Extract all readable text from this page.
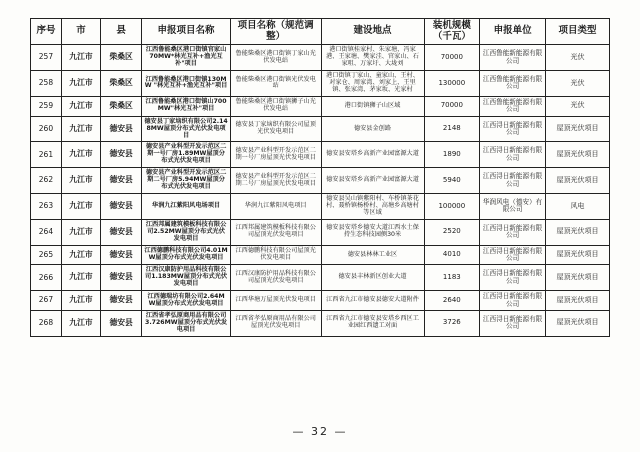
序号	市	县	申报项目名称	项目名称（规范调整）	建设地点	装机规模（千瓦）	申报单位	项目类型
257	九江市	柴桑区	江西鲁能桑区港口街镇官家山70MW*林光互补+渔光互补"项目	鲁能柴桑区港口街镇丁家山光伏发电站	港口街镇桂家村、朱家塘、冯家港、王家塘、樊家洼、官家山、石家咀、万家圩、大垅刘	70000	江西鲁能新能源有限公司	光伏
258	九江市	柴桑区	江西鲁能桑区港口街镇130MW "林光互补+渔光互补"项目	鲁能柴桑区港口街镇光伏发电站	港口街镇丁家山、童家山、王村、对家仓、周家湾、刘家上、王里镇、张家湾、茅家坂、光家村	130000	江西鲁能新能源有限公司	光伏
259	九江市	柴桑区	江西鲁能桑区港口街镇山700MW"林光互补"项目	鲁能柴桑区港口街镇狮子山光伏发电站	港口街镇狮子山区域	70000	江西鲁能新能源有限公司	光伏
260	九江市	德安县	德安县丁家垴织有限公司2.148MW屋顶分布式光伏发电项目	德安县丁家垴织有限公司屋顶光伏发电项目	德安县金创路	2148	江西浔日新能源有限公司	屋顶光伏项目
261	九江市	德安县	德安县产业科型开发示范区二期一号厂房1.89MW屋顶分布式光伏发电项目	德安县产业科型开发示范区二期一号厂房屋顶光伏发电项目	德安县安塔乡高新产业园富源大道	1890	江西浔日新能源有限公司	屋顶光伏项目
262	九江市	德安县	德安县产业科型开发示范区二期二号厂房5.94MW屋顶分布式光伏发电项目	德安县产业科型开发示范区二期二号厂房屋顶光伏发电项目	德安县安塔乡高新产业园富源大道	5940	江西浔日新能源有限公司	屋顶光伏项目
263	九江市	德安县	华润九江紫阳风电场项目	华润九江紫阳风电项目	德安县吴山镇紫阳村、车桥镇茶花村、聂桥镇杨桥村、高塘乡高塘村等区域	100000	华润风电（德安）有限公司	风电
264	九江市	德安县	江西邦属建筑模板科技有限公司2.52MW屋顶分布式光伏发电项目	江西邦属建筑模板科技有限公司屋顶光伏发电项目	德安县安塔乡德安大道江西水土保持生态科技园侧30米	2520	江西浔日新能源有限公司	屋顶光伏项目
265	九江市	德安县	江西德鹏科技有限公司4.01MW屋顶分布式光伏发电项目	江西德鹏科技有限公司屋顶光伏发电项目	德安县林林工业区	4010	江西浔日新能源有限公司	屋顶光伏项目
266	九江市	德安县	江西汉康防护用品科技有限公司1.183MW屋顶分布式光伏发电项目	江西汉康防护用品科技有限公司屋顶光伏发电项目	德安县丰林新区创业大道	1183	江西浔日新能源有限公司	屋顶光伏项目
267	九江市	德安县	江西德瑞坊有限公司2.64MW屋顶分布式光伏发电项目	江西华塘万屋顶光伏发电项目	江西省九江市德安县德安大道附件	2640	江西浔日新能源有限公司	屋顶光伏项目
268	九江市	德安县	江西省孝弘原商用品有限公司3.726MW屋顶分布式光伏发电项目	江西省孝弘原商用品有限公司屋顶光伏发电项目	江西省九江市德安县安塔乡西区工业园红西遗工对面	3726	江西浔日新能源有限公司	屋顶光伏项目
— 32 —
